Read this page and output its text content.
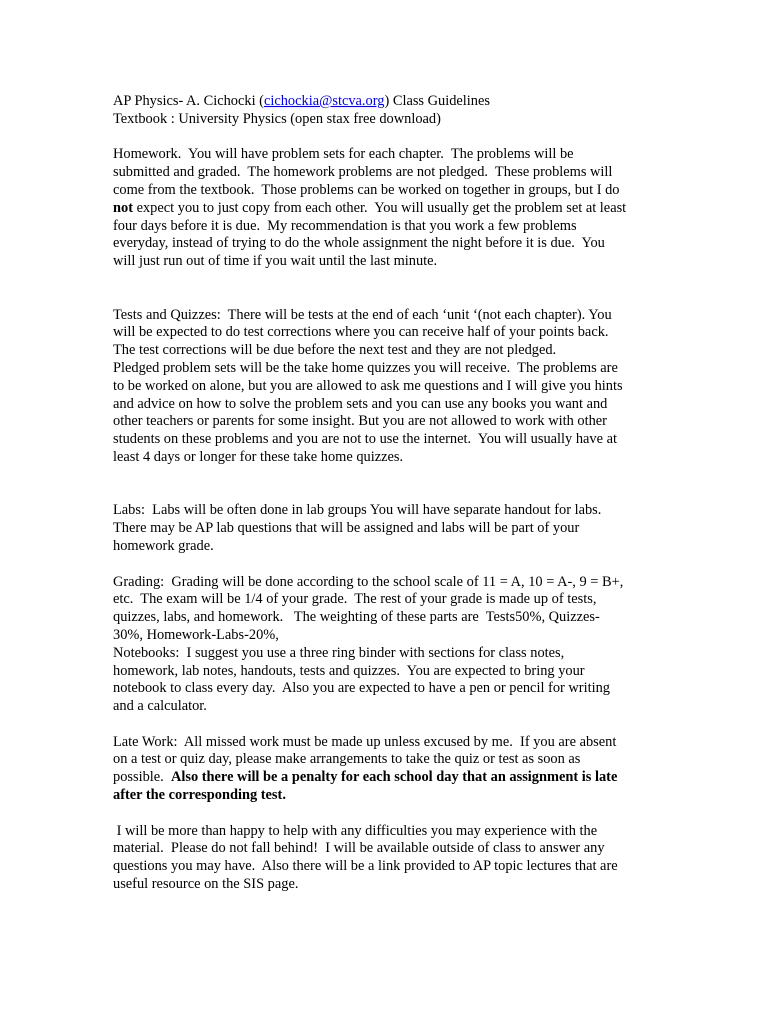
AP Physics- A. Cichocki (cichockia@stcva.org) Class Guidelines
Textbook : University Physics (open stax free download)
Homework.  You will have problem sets for each chapter.  The problems will be
submitted and graded.  The homework problems are not pledged.  These problems will
come from the textbook.  Those problems can be worked on together in groups, but I do
not expect you to just copy from each other.  You will usually get the problem set at least
four days before it is due.  My recommendation is that you work a few problems
everyday, instead of trying to do the whole assignment the night before it is due.  You
will just run out of time if you wait until the last minute.
Tests and Quizzes:  There will be tests at the end of each ‘unit ‘(not each chapter). You
will be expected to do test corrections where you can receive half of your points back.
The test corrections will be due before the next test and they are not pledged.
Pledged problem sets will be the take home quizzes you will receive.  The problems are
to be worked on alone, but you are allowed to ask me questions and I will give you hints
and advice on how to solve the problem sets and you can use any books you want and
other teachers or parents for some insight. But you are not allowed to work with other
students on these problems and you are not to use the internet.  You will usually have at
least 4 days or longer for these take home quizzes.
Labs:  Labs will be often done in lab groups You will have separate handout for labs.
There may be AP lab questions that will be assigned and labs will be part of your
homework grade.
Grading:  Grading will be done according to the school scale of 11 = A, 10 = A-, 9 = B+,
etc.  The exam will be 1/4 of your grade.  The rest of your grade is made up of tests,
quizzes, labs, and homework.   The weighting of these parts are  Tests50%, Quizzes-
30%, Homework-Labs-20%,
Notebooks:  I suggest you use a three ring binder with sections for class notes,
homework, lab notes, handouts, tests and quizzes.  You are expected to bring your
notebook to class every day.  Also you are expected to have a pen or pencil for writing
and a calculator.
Late Work:  All missed work must be made up unless excused by me.  If you are absent
on a test or quiz day, please make arrangements to take the quiz or test as soon as
possible.  Also there will be a penalty for each school day that an assignment is late
after the corresponding test.
I will be more than happy to help with any difficulties you may experience with the
material.  Please do not fall behind!  I will be available outside of class to answer any
questions you may have.  Also there will be a link provided to AP topic lectures that are
useful resource on the SIS page.
